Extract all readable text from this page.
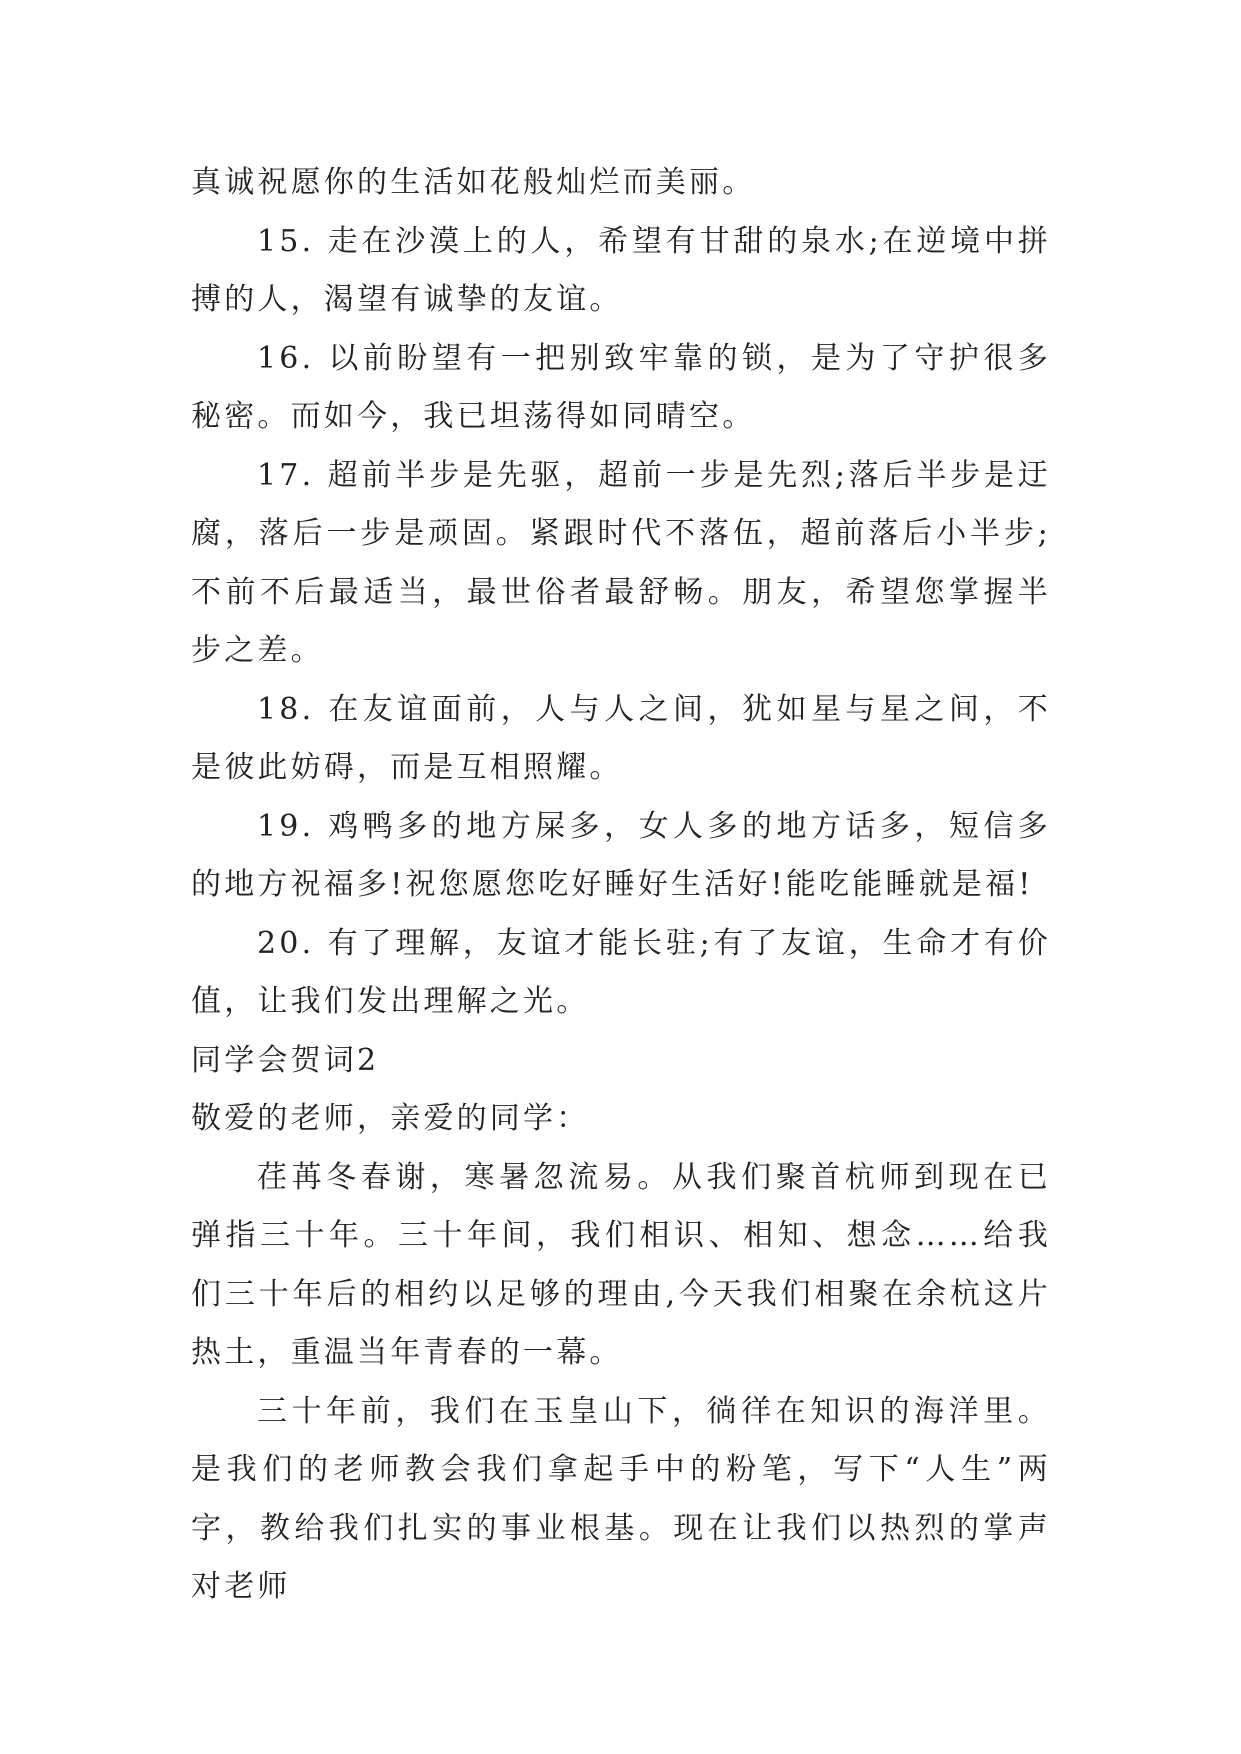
真诚祝愿你的生活如花般灿烂而美丽。

15. 走在沙漠上的人，希望有甘甜的泉水;在逆境中拼搏的人，渴望有诚挚的友谊。

16. 以前盼望有一把别致牢靠的锁，是为了守护很多秘密。而如今，我已坦荡得如同晴空。

17. 超前半步是先驱，超前一步是先烈;落后半步是迂腐，落后一步是顽固。紧跟时代不落伍，超前落后小半步;不前不后最适当，最世俗者最舒畅。朋友，希望您掌握半步之差。

18. 在友谊面前，人与人之间，犹如星与星之间，不是彼此妨碍，而是互相照耀。

19. 鸡鸭多的地方屎多，女人多的地方话多，短信多的地方祝福多!祝您愿您吃好睡好生活好!能吃能睡就是福!

20. 有了理解，友谊才能长驻;有了友谊，生命才有价值，让我们发出理解之光。

同学会贺词2

敬爱的老师，亲爱的同学：

荏苒冬春谢，寒暑忽流易。从我们聚首杭师到现在已弹指三十年。三十年间，我们相识、相知、想念……给我们三十年后的相约以足够的理由,今天我们相聚在余杭这片热土，重温当年青春的一幕。

三十年前，我们在玉皇山下，徜徉在知识的海洋里。是我们的老师教会我们拿起手中的粉笔，写下“人生”两字，教给我们扎实的事业根基。现在让我们以热烈的掌声对老师
